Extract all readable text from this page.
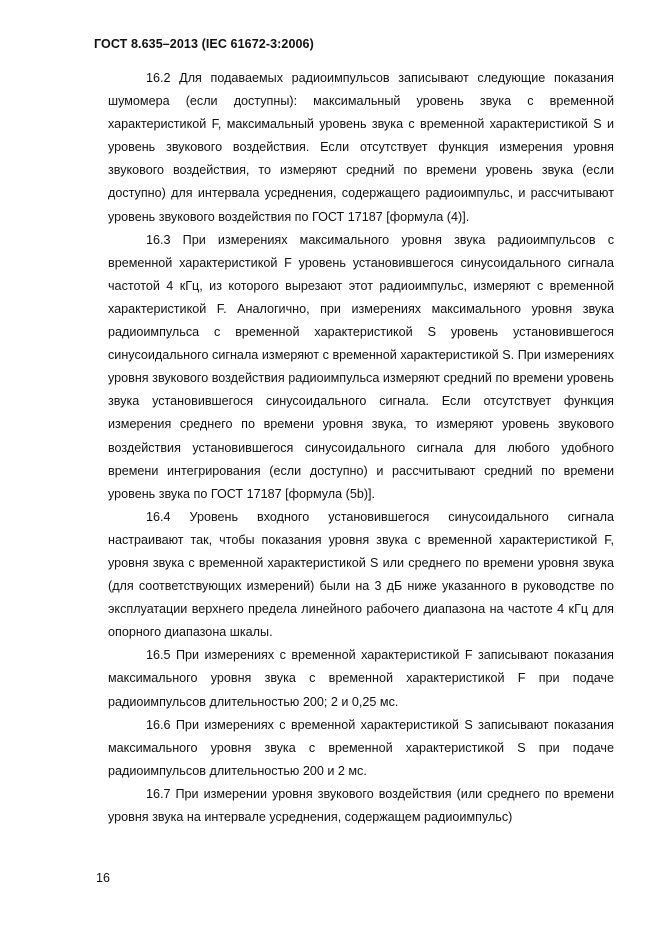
ГОСТ 8.635–2013 (IEC 61672-3:2006)

16.2 Для подаваемых радиоимпульсов записывают следующие показания шумомера (если доступны): максимальный уровень звука с временной характеристикой F, максимальный уровень звука с временной характеристикой S и уровень звукового воздействия. Если отсутствует функция измерения уровня звукового воздействия, то измеряют средний по времени уровень звука (если доступно) для интервала усреднения, содержащего радиоимпульс, и рассчитывают уровень звукового воздействия по ГОСТ 17187 [формула (4)].

16.3 При измерениях максимального уровня звука радиоимпульсов с временной характеристикой F уровень установившегося синусоидального сигнала частотой 4 кГц, из которого вырезают этот радиоимпульс, измеряют с временной характеристикой F. Аналогично, при измерениях максимального уровня звука радиоимпульса с временной характеристикой S уровень установившегося синусоидального сигнала измеряют с временной характеристикой S. При измерениях уровня звукового воздействия радиоимпульса измеряют средний по времени уровень звука установившегося синусоидального сигнала. Если отсутствует функция измерения среднего по времени уровня звука, то измеряют уровень звукового воздействия установившегося синусоидального сигнала для любого удобного времени интегрирования (если доступно) и рассчитывают средний по времени уровень звука по ГОСТ 17187 [формула (5b)].

16.4 Уровень входного установившегося синусоидального сигнала настраивают так, чтобы показания уровня звука с временной характеристикой F, уровня звука с временной характеристикой S или среднего по времени уровня звука (для соответствующих измерений) были на 3 дБ ниже указанного в руководстве по эксплуатации верхнего предела линейного рабочего диапазона на частоте 4 кГц для опорного диапазона шкалы.

16.5 При измерениях с временной характеристикой F записывают показания максимального уровня звука с временной характеристикой F при подаче радиоимпульсов длительностью 200; 2 и 0,25 мс.

16.6 При измерениях с временной характеристикой S записывают показания максимального уровня звука с временной характеристикой S при подаче радиоимпульсов длительностью 200 и 2 мс.

16.7 При измерении уровня звукового воздействия (или среднего по времени уровня звука на интервале усреднения, содержащем радиоимпульс)

16
